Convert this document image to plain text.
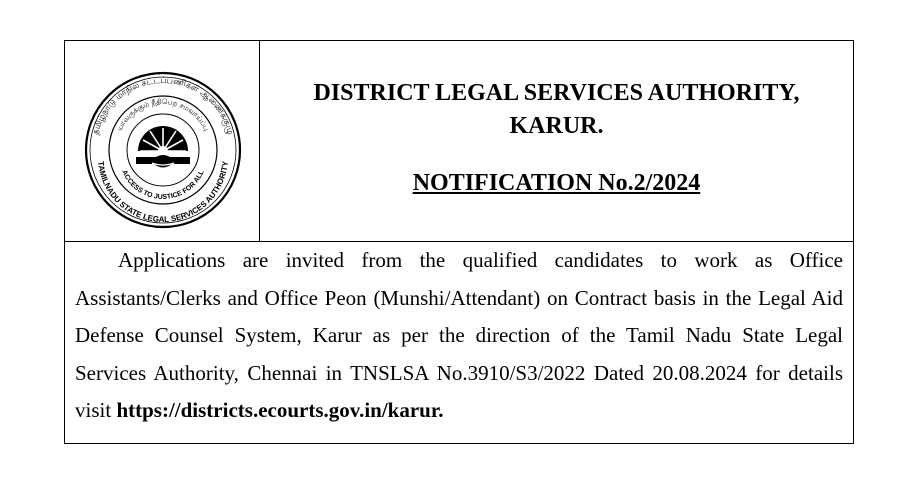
தமிழ்நாடு மாநில சட்டப்பணிகள் ஆணைக்குழு
யாவருக்கும் நீதிபெற சமவாய்ப்பு
TAMILNADU STATE LEGAL SERVICES AUTHORITY
ACCESS TO JUSTICE FOR ALL
DISTRICT LEGAL SERVICES AUTHORITY,
KARUR.
NOTIFICATION No.2/2024

Applications are invited from the qualified candidates to work as Office Assistants/Clerks and Office Peon (Munshi/Attendant) on Contract basis in the Legal Aid Defense Counsel System, Karur as per the direction of the Tamil Nadu State Legal Services Authority, Chennai in TNSLSA No.3910/S3/2022 Dated 20.08.2024 for details visit https://districts.ecourts.gov.in/karur.
